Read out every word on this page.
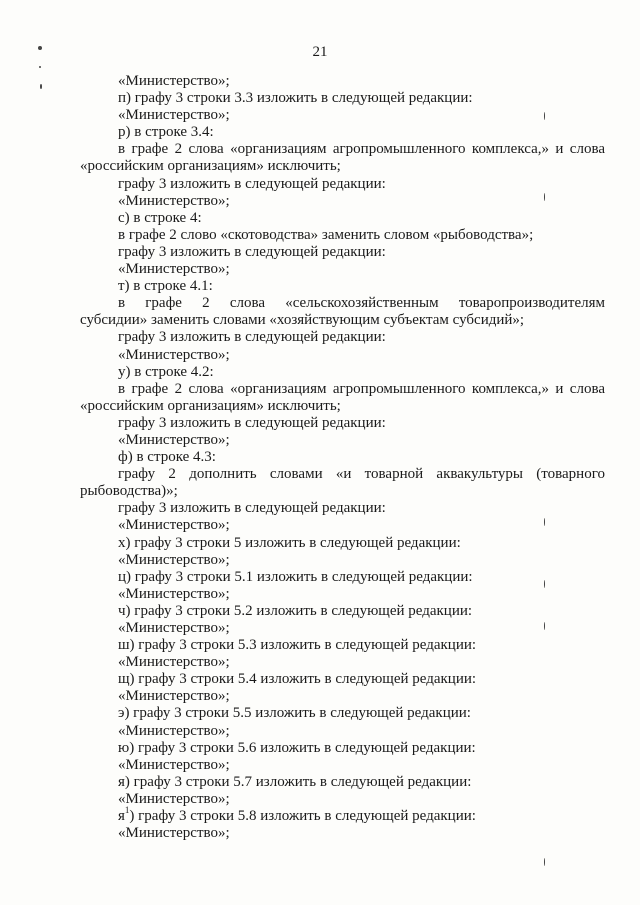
21
«Министерство»;
п) графу 3 строки 3.3 изложить в следующей редакции:
«Министерство»;
р) в строке 3.4:
в графе 2 слова «организациям агропромышленного комплекса,» и слова
«российским организациям» исключить;
графу 3 изложить в следующей редакции:
«Министерство»;
с) в строке 4:
в графе 2 слово «скотоводства» заменить словом «рыбоводства»;
графу 3 изложить в следующей редакции:
«Министерство»;
т) в строке 4.1:
в графе 2 слова «сельскохозяйственным товаропроизводителям
субсидии» заменить словами «хозяйствующим субъектам субсидий»;
графу 3 изложить в следующей редакции:
«Министерство»;
у) в строке 4.2:
в графе 2 слова «организациям агропромышленного комплекса,» и слова
«российским организациям» исключить;
графу 3 изложить в следующей редакции:
«Министерство»;
ф) в строке 4.3:
графу 2 дополнить словами «и товарной аквакультуры (товарного
рыбоводства)»;
графу 3 изложить в следующей редакции:
«Министерство»;
х) графу 3 строки 5 изложить в следующей редакции:
«Министерство»;
ц) графу 3 строки 5.1 изложить в следующей редакции:
«Министерство»;
ч) графу 3 строки 5.2 изложить в следующей редакции:
«Министерство»;
ш) графу 3 строки 5.3 изложить в следующей редакции:
«Министерство»;
щ) графу 3 строки 5.4 изложить в следующей редакции:
«Министерство»;
э) графу 3 строки 5.5 изложить в следующей редакции:
«Министерство»;
ю) графу 3 строки 5.6 изложить в следующей редакции:
«Министерство»;
я) графу 3 строки 5.7 изложить в следующей редакции:
«Министерство»;
$я^1$) графу 3 строки 5.8 изложить в следующей редакции:
«Министерство»;
